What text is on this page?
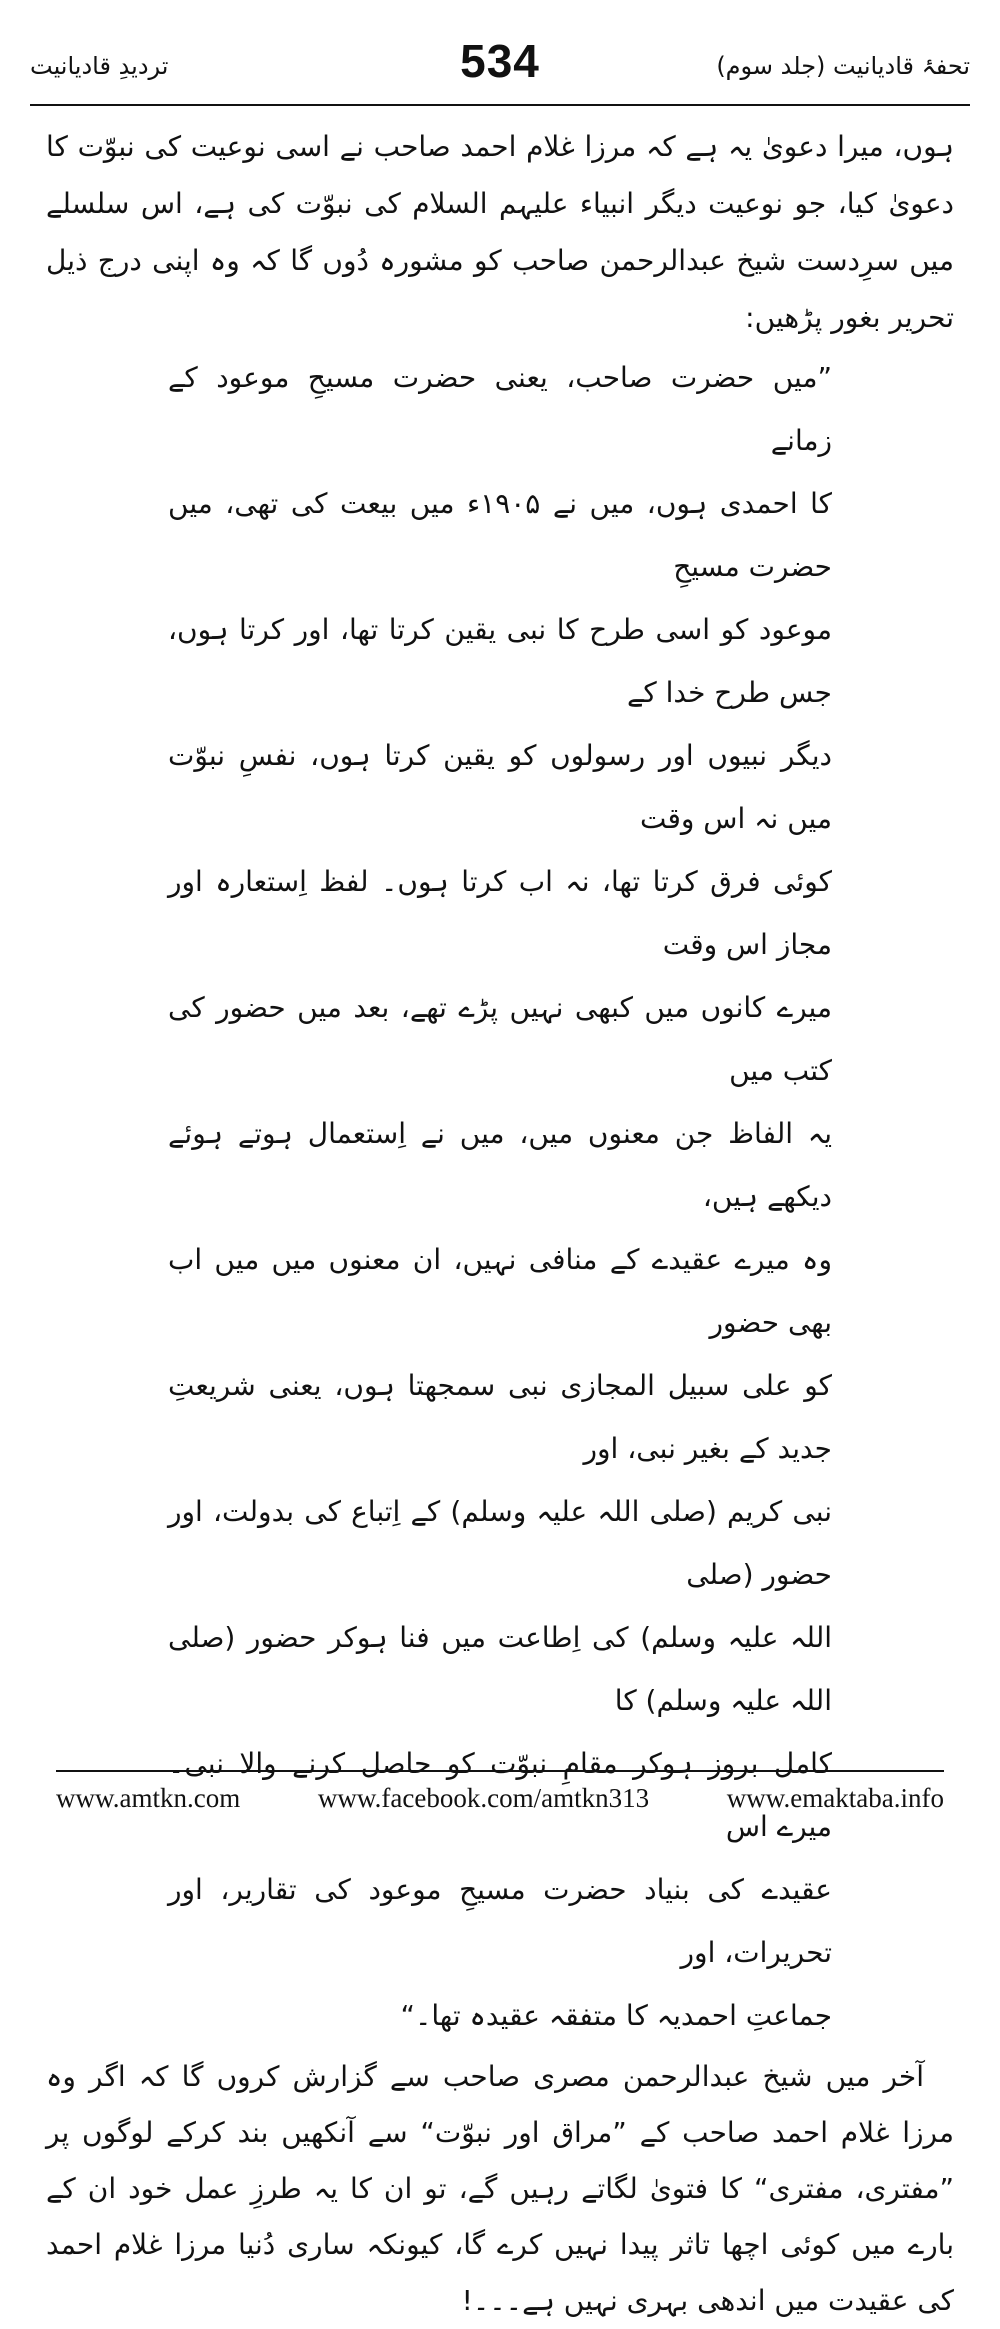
تردیدِ قادیانیت	534	تحفۂ قادیانیت (جلد سوم)

ہوں، میرا دعویٰ یہ ہے کہ مرزا غلام احمد صاحب نے اسی نوعیت کی نبوّت کا دعویٰ کیا، جو نوعیت دیگر انبیاء علیہم السلام کی نبوّت کی ہے، اس سلسلے میں سرِدست شیخ عبدالرحمن صاحب کو مشورہ دُوں گا کہ وہ اپنی درج ذیل تحریر بغور پڑھیں:

”میں حضرت صاحب، یعنی حضرت مسیحِ موعود کے زمانے
کا احمدی ہوں، میں نے ۱۹۰۵ء میں بیعت کی تھی، میں حضرت مسیحِ
موعود کو اسی طرح کا نبی یقین کرتا تھا، اور کرتا ہوں، جس طرح خدا کے
دیگر نبیوں اور رسولوں کو یقین کرتا ہوں، نفسِ نبوّت میں نہ اس وقت
کوئی فرق کرتا تھا، نہ اب کرتا ہوں۔ لفظ اِستعارہ اور مجاز اس وقت
میرے کانوں میں کبھی نہیں پڑے تھے، بعد میں حضور کی کتب میں
یہ الفاظ جن معنوں میں، میں نے اِستعمال ہوتے ہوئے دیکھے ہیں،
وہ میرے عقیدے کے منافی نہیں، ان معنوں میں میں اب بھی حضور
کو علی سبیل المجازی نبی سمجھتا ہوں، یعنی شریعتِ جدید کے بغیر نبی، اور
نبی کریم (صلی اللہ علیہ وسلم) کے اِتباع کی بدولت، اور حضور (صلی
اللہ علیہ وسلم) کی اِطاعت میں فنا ہوکر حضور (صلی اللہ علیہ وسلم) کا
کامل بروز ہوکر مقامِ نبوّت کو حاصل کرنے والا نبی۔ میرے اس
عقیدے کی بنیاد حضرت مسیحِ موعود کی تقاریر، اور تحریرات، اور
جماعتِ احمدیہ کا متفقہ عقیدہ تھا۔“

آخر میں شیخ عبدالرحمن مصری صاحب سے گزارش کروں گا کہ اگر وہ مرزا غلام احمد صاحب کے ”مراق اور نبوّت“ سے آنکھیں بند کرکے لوگوں پر ”مفتری، مفتری“ کا فتویٰ لگاتے رہیں گے، تو ان کا یہ طرزِ عمل خود ان کے بارے میں کوئی اچھا تاثر پیدا نہیں کرے گا، کیونکہ ساری دُنیا مرزا غلام احمد کی عقیدت میں اندھی بہری نہیں ہے۔۔۔!

www.amtkn.com	www.facebook.com/amtkn313	www.emaktaba.info
